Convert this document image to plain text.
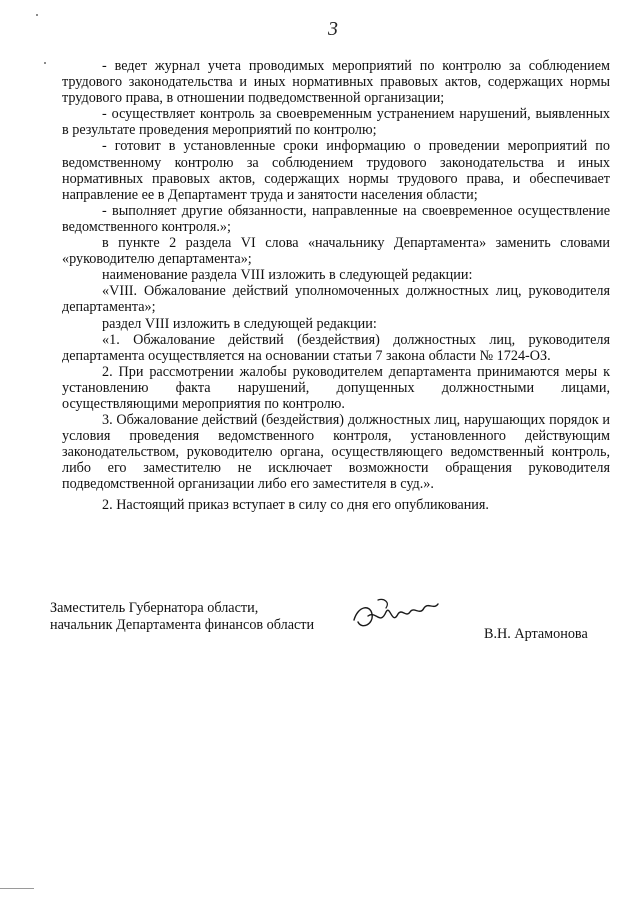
3

- ведет журнал учета проводимых мероприятий по контролю за соблюдением трудового законодательства и иных нормативных правовых актов, содержащих нормы трудового права, в отношении подведомственной организации;

- осуществляет контроль за своевременным устранением нарушений, выявленных в результате проведения мероприятий по контролю;

- готовит в установленные сроки информацию о проведении мероприятий по ведомственному контролю за соблюдением трудового законодательства и иных нормативных правовых актов, содержащих нормы трудового права, и обеспечивает направление ее в Департамент труда и занятости населения области;

- выполняет другие обязанности, направленные на своевременное осуществление ведомственного контроля.»;

в пункте 2 раздела VI слова «начальнику Департамента» заменить словами «руководителю департамента»;

наименование раздела VIII изложить в следующей редакции:

«VIII. Обжалование действий уполномоченных должностных лиц, руководителя департамента»;

раздел VIII изложить в следующей редакции:

«1. Обжалование действий (бездействия) должностных лиц, руководителя департамента осуществляется на основании статьи 7 закона области № 1724-ОЗ.

2. При рассмотрении жалобы руководителем департамента принимаются меры к установлению факта нарушений, допущенных должностными лицами, осуществляющими мероприятия по контролю.

3. Обжалование действий (бездействия) должностных лиц, нарушающих порядок и условия проведения ведомственного контроля, установленного действующим законодательством, руководителю органа, осуществляющего ведомственный контроль, либо его заместителю не исключает возможности обращения руководителя подведомственной организации либо его заместителя в суд.».

2. Настоящий приказ вступает в силу со дня его опубликования.

Заместитель Губернатора области,
начальник Департамента финансов области
В.Н. Артамонова
